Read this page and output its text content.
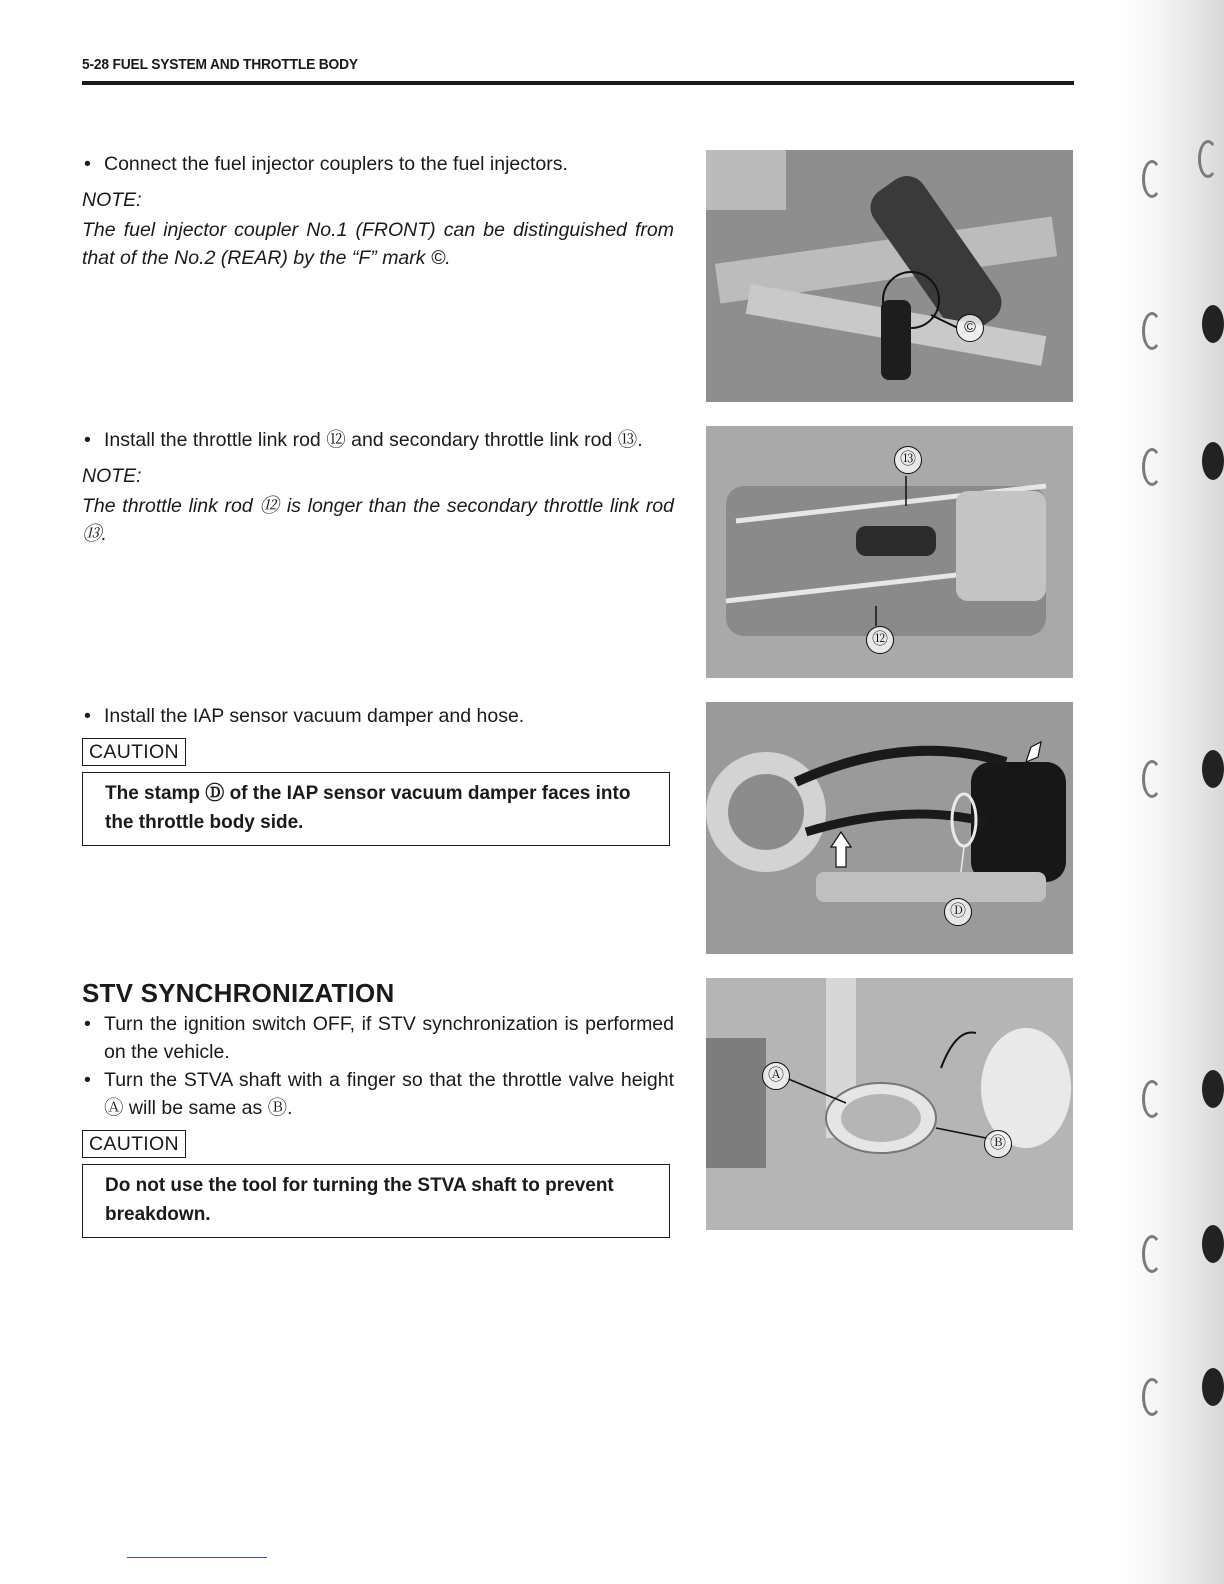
5-28 FUEL SYSTEM AND THROTTLE BODY

• Connect the fuel injector couplers to the fuel injectors.

NOTE:

The fuel injector coupler No.1 (FRONT) can be distinguished from that of the No.2 (REAR) by the “F” mark ©.

• Install the throttle link rod ⑫ and secondary throttle link rod ⑬.

NOTE:

The throttle link rod ⑫ is longer than the secondary throttle link rod ⑬.

• Install the IAP sensor vacuum damper and hose.

CAUTION
The stamp Ⓓ of the IAP sensor vacuum damper faces into the throttle body side.
STV SYNCHRONIZATION

• Turn the ignition switch OFF, if STV synchronization is performed on the vehicle.

• Turn the STVA shaft with a finger so that the throttle valve height Ⓐ will be same as Ⓑ.

CAUTION
Do not use the tool for turning the STVA shaft to prevent breakdown.
©
⑬
⑫
Ⓓ
Ⓐ
Ⓑ
